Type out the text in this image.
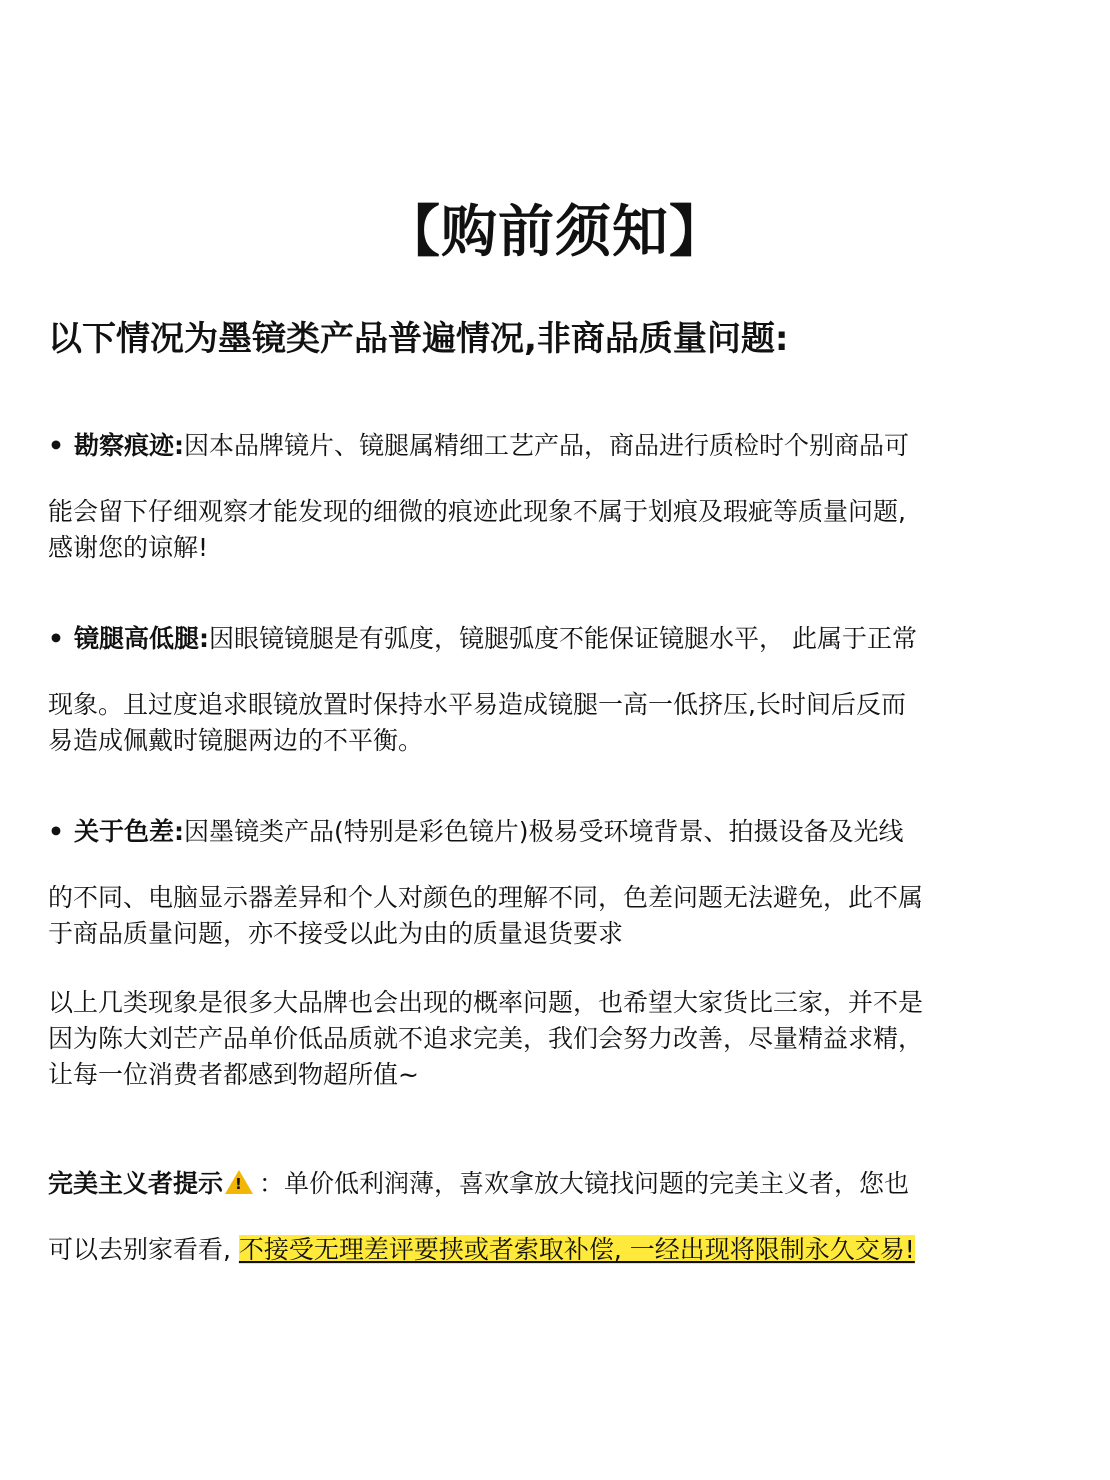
【购前须知】
以下情况为墨镜类产品普遍情况,非商品质量问题:
• 勘察痕迹:因本品牌镜片、镜腿属精细工艺产品，商品进行质检时个别商品可
能会留下仔细观察才能发现的细微的痕迹此现象不属于划痕及瑕疵等质量问题,
感谢您的谅解!
• 镜腿高低腿:因眼镜镜腿是有弧度，镜腿弧度不能保证镜腿水平， 此属于正常
现象。且过度追求眼镜放置时保持水平易造成镜腿一高一低挤压,长时间后反而
易造成佩戴时镜腿两边的不平衡。
• 关于色差:因墨镜类产品(特别是彩色镜片)极易受环境背景、拍摄设备及光线
的不同、电脑显示器差异和个人对颜色的理解不同，色差问题无法避免，此不属
于商品质量问题，亦不接受以此为由的质量退货要求
以上几类现象是很多大品牌也会出现的概率问题，也希望大家货比三家，并不是
因为陈大刘芒产品单价低品质就不追求完美，我们会努力改善，尽量精益求精，
让每一位消费者都感到物超所值~
完美主义者提示! ：单价低利润薄，喜欢拿放大镜找问题的完美主义者，您也
可以去别家看看, 不接受无理差评要挟或者索取补偿, 一经出现将限制永久交易!
